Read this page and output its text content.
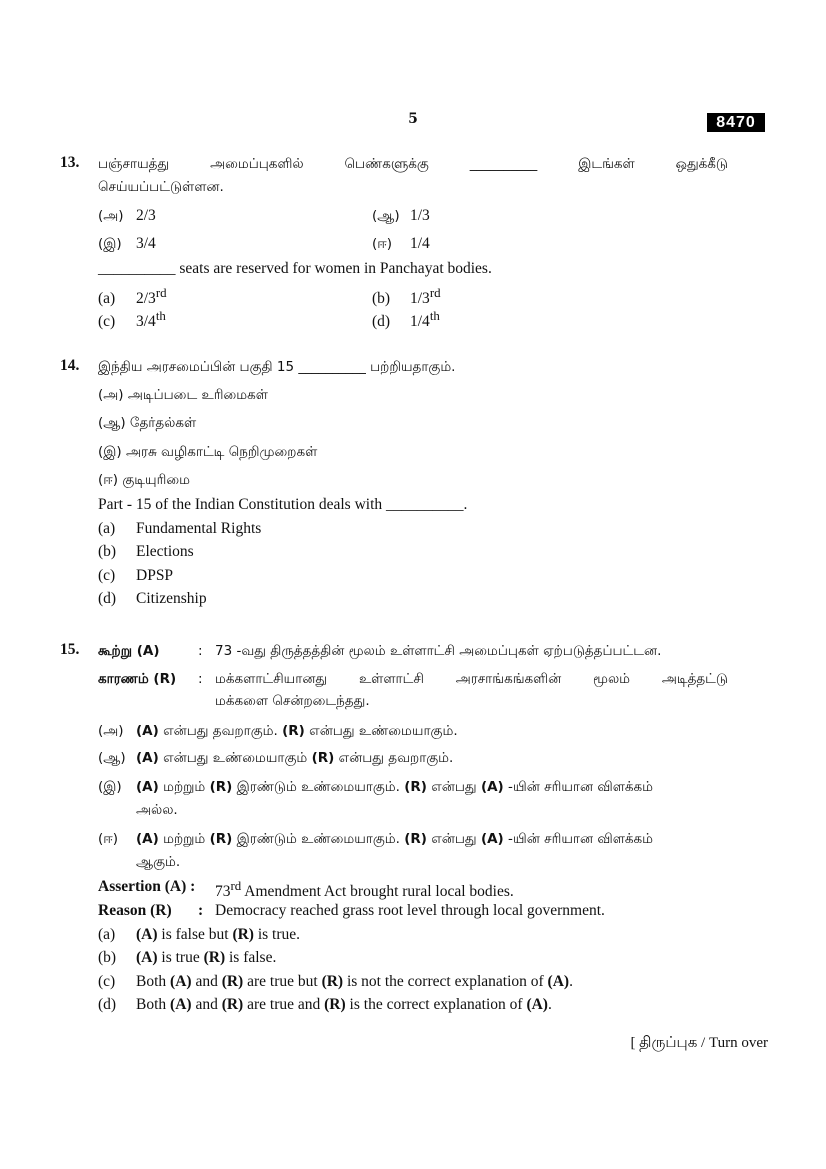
5	8470
13. பஞ்சாயத்து	அமைப்புகளில்	பெண்களுக்கு	__________	இடங்கள்	ஒதுக்கீடு
செய்யப்பட்டுள்ளன.
(அ) 2/3	(ஆ) 1/3
(இ) 3/4	(ஈ) 1/4
__________ seats are reserved for women in Panchayat bodies.
(a) 2/3rd	(b) 1/3rd
(c) 3/4th	(d) 1/4th
14. இந்திய அரசமைப்பின் பகுதி 15 __________ பற்றியதாகும்.
(அ) அடிப்படை உரிமைகள்
(ஆ) தேர்தல்கள்
(இ) அரசு வழிகாட்டி நெறிமுறைகள்
(ஈ) குடியுரிமை
Part - 15 of the Indian Constitution deals with __________.
(a) Fundamental Rights
(b) Elections
(c) DPSP
(d) Citizenship
15. கூற்று (A)	: 73 -வது திருத்தத்தின் மூலம் உள்ளாட்சி அமைப்புகள் ஏற்படுத்தப்பட்டன.
காரணம் (R) : மக்களாட்சியானது உள்ளாட்சி அரசாங்கங்களின் மூலம் அடித்தட்டு
மக்களை சென்றடைந்தது.
(அ) (A) என்பது தவறாகும். (R) என்பது உண்மையாகும்.
(ஆ) (A) என்பது உண்மையாகும் (R) என்பது தவறாகும்.
(இ) (A) மற்றும் (R) இரண்டும் உண்மையாகும். (R) என்பது (A) -யின் சரியான விளக்கம்
அல்ல.
(ஈ) (A) மற்றும் (R) இரண்டும் உண்மையாகும். (R) என்பது (A) -யின் சரியான விளக்கம்
ஆகும்.
Assertion (A) : 73rd Amendment Act brought rural local bodies.
Reason (R) : Democracy reached grass root level through local government.
(a) (A) is false but (R) is true.
(b) (A) is true (R) is false.
(c) Both (A) and (R) are true but (R) is not the correct explanation of (A).
(d) Both (A) and (R) are true and (R) is the correct explanation of (A).
[ திருப்புக / Turn over
